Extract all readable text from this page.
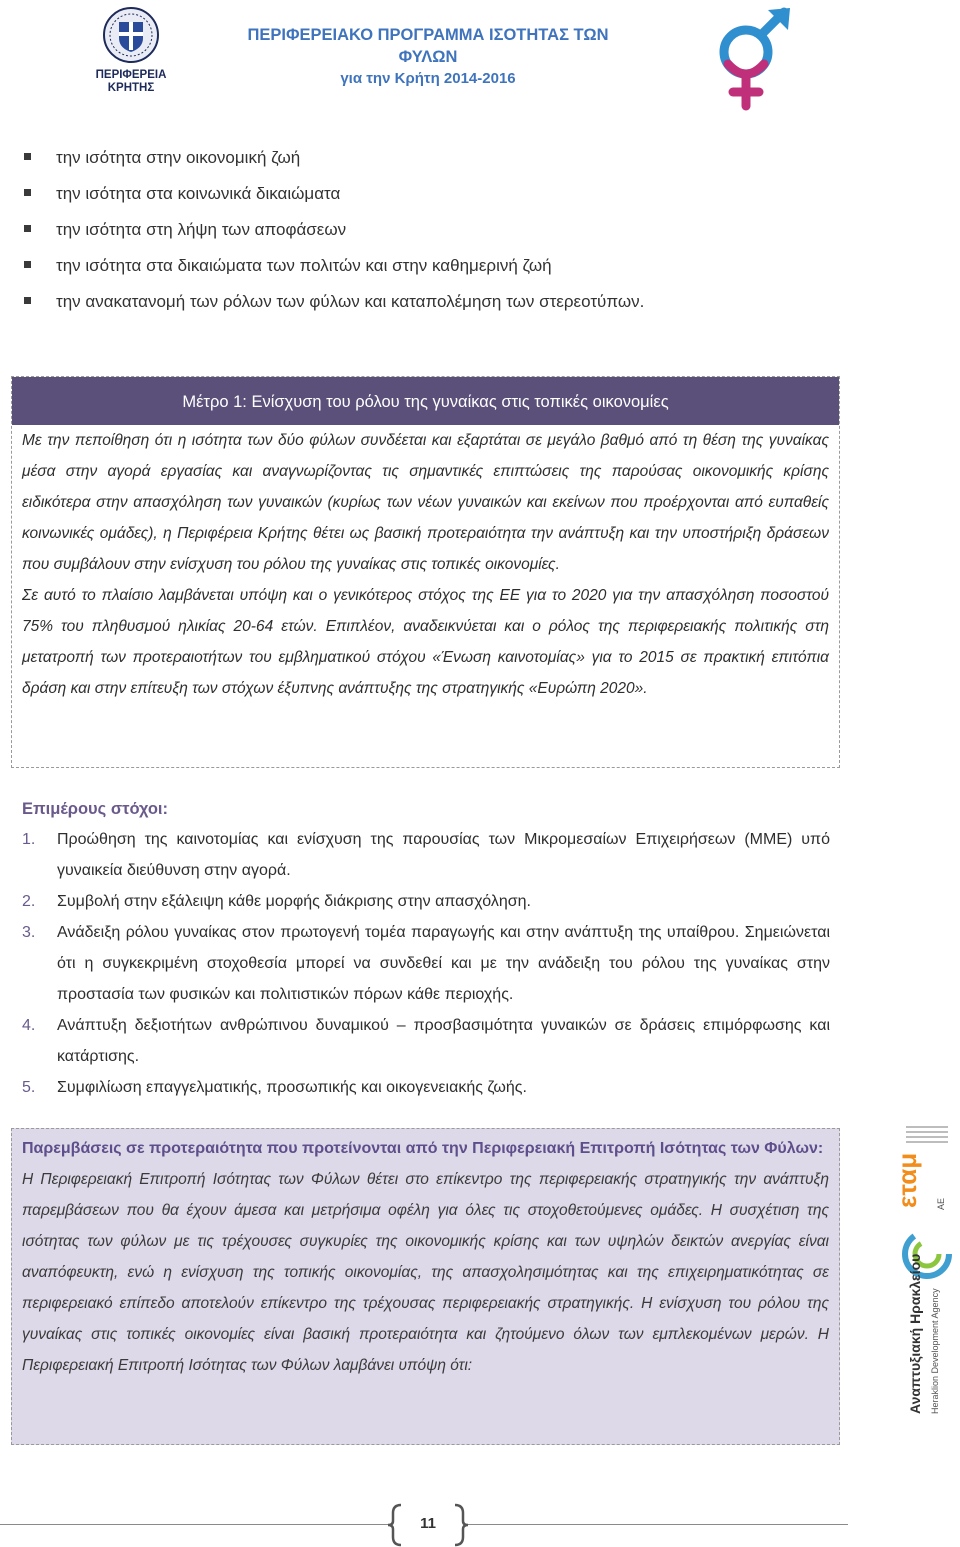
ΠΕΡΙΦΕΡΕΙΑ
ΚΡΗΤΗΣ
ΠΕΡΙΦΕΡΕΙΑΚΟ ΠΡΟΓΡΑΜΜΑ ΙΣΟΤΗΤΑΣ ΤΩΝ ΦΥΛΩΝ
για την Κρήτη 2014-2016
την ισότητα στην οικονομική ζωή
την ισότητα στα κοινωνικά δικαιώματα
την ισότητα στη λήψη των αποφάσεων
την ισότητα στα δικαιώματα των πολιτών και στην καθημερινή ζωή
την ανακατανομή των ρόλων των φύλων και καταπολέμηση των στερεοτύπων.
Μέτρο 1: Ενίσχυση του ρόλου της γυναίκας στις τοπικές οικονομίες

Με την πεποίθηση ότι η ισότητα των δύο φύλων συνδέεται και εξαρτάται σε μεγάλο βαθμό από τη θέση της γυναίκας μέσα στην αγορά εργασίας και αναγνωρίζοντας τις σημαντικές επιπτώσεις της παρούσας οικονομικής κρίσης ειδικότερα στην απασχόληση των γυναικών (κυρίως των νέων γυναικών και εκείνων που προέρχονται από ευπαθείς κοινωνικές ομάδες), η Περιφέρεια Κρήτης θέτει ως βασική προτεραιότητα την ανάπτυξη και την υποστήριξη δράσεων που συμβάλουν στην ενίσχυση του ρόλου της γυναίκας στις τοπικές οικονομίες.

Σε αυτό το πλαίσιο λαμβάνεται υπόψη και ο γενικότερος στόχος της ΕΕ για το 2020 για την απασχόληση ποσοστού 75% του πληθυσμού ηλικίας 20-64 ετών. Επιπλέον, αναδεικνύεται και ο ρόλος της περιφερειακής πολιτικής στη μετατροπή των προτεραιοτήτων του εμβληματικού στόχου «Ένωση καινοτομίας» για το 2015 σε πρακτική επιτόπια δράση και στην επίτευξη των στόχων έξυπνης ανάπτυξης της στρατηγικής «Ευρώπη 2020».

Επιμέρους στόχοι:
1. Προώθηση της καινοτομίας και ενίσχυση της παρουσίας των Μικρομεσαίων Επιχειρήσεων (ΜΜΕ) υπό γυναικεία διεύθυνση στην αγορά.
2. Συμβολή στην εξάλειψη κάθε μορφής διάκρισης στην απασχόληση.
3. Ανάδειξη ρόλου γυναίκας στον πρωτογενή τομέα παραγωγής και στην ανάπτυξη της υπαίθρου. Σημειώνεται ότι η συγκεκριμένη στοχοθεσία μπορεί να συνδεθεί και με την ανάδειξη του ρόλου της γυναίκας στην προστασία των φυσικών και πολιτιστικών πόρων κάθε περιοχής.
4. Ανάπτυξη δεξιοτήτων ανθρώπινου δυναμικού – προσβασιμότητα γυναικών σε δράσεις επιμόρφωσης και κατάρτισης.
5. Συμφιλίωση επαγγελματικής, προσωπικής και οικογενειακής ζωής.

Παρεμβάσεις σε προτεραιότητα που προτείνονται από την Περιφερειακή Επιτροπή Ισότητας των Φύλων:

Η Περιφερειακή Επιτροπή Ισότητας των Φύλων θέτει στο επίκεντρο της περιφερειακής στρατηγικής την ανάπτυξη παρεμβάσεων που θα έχουν άμεσα και μετρήσιμα οφέλη για όλες τις στοχοθετούμενες ομάδες. Η συσχέτιση της ισότητας των φύλων με τις τρέχουσες συγκυρίες της οικονομικής κρίσης και των υψηλών δεικτών ανεργίας είναι αναπόφευκτη, ενώ η ενίσχυση της τοπικής οικονομίας, της απασχολησιμότητας και της επιχειρηματικότητας σε περιφερειακό επίπεδο αποτελούν επίκεντρο της τρέχουσας περιφερειακής στρατηγικής. Η ενίσχυση του ρόλου της γυναίκας στις τοπικές οικονομίες είναι βασική προτεραιότητα και ζητούμενο όλων των εμπλεκομένων μερών. Η Περιφερειακή Επιτροπή Ισότητας των Φύλων λαμβάνει υπόψη ότι:

εταμ ΑΕ
Αναπτυξιακή Ηρακλείου Heraklion Development Agency
11
